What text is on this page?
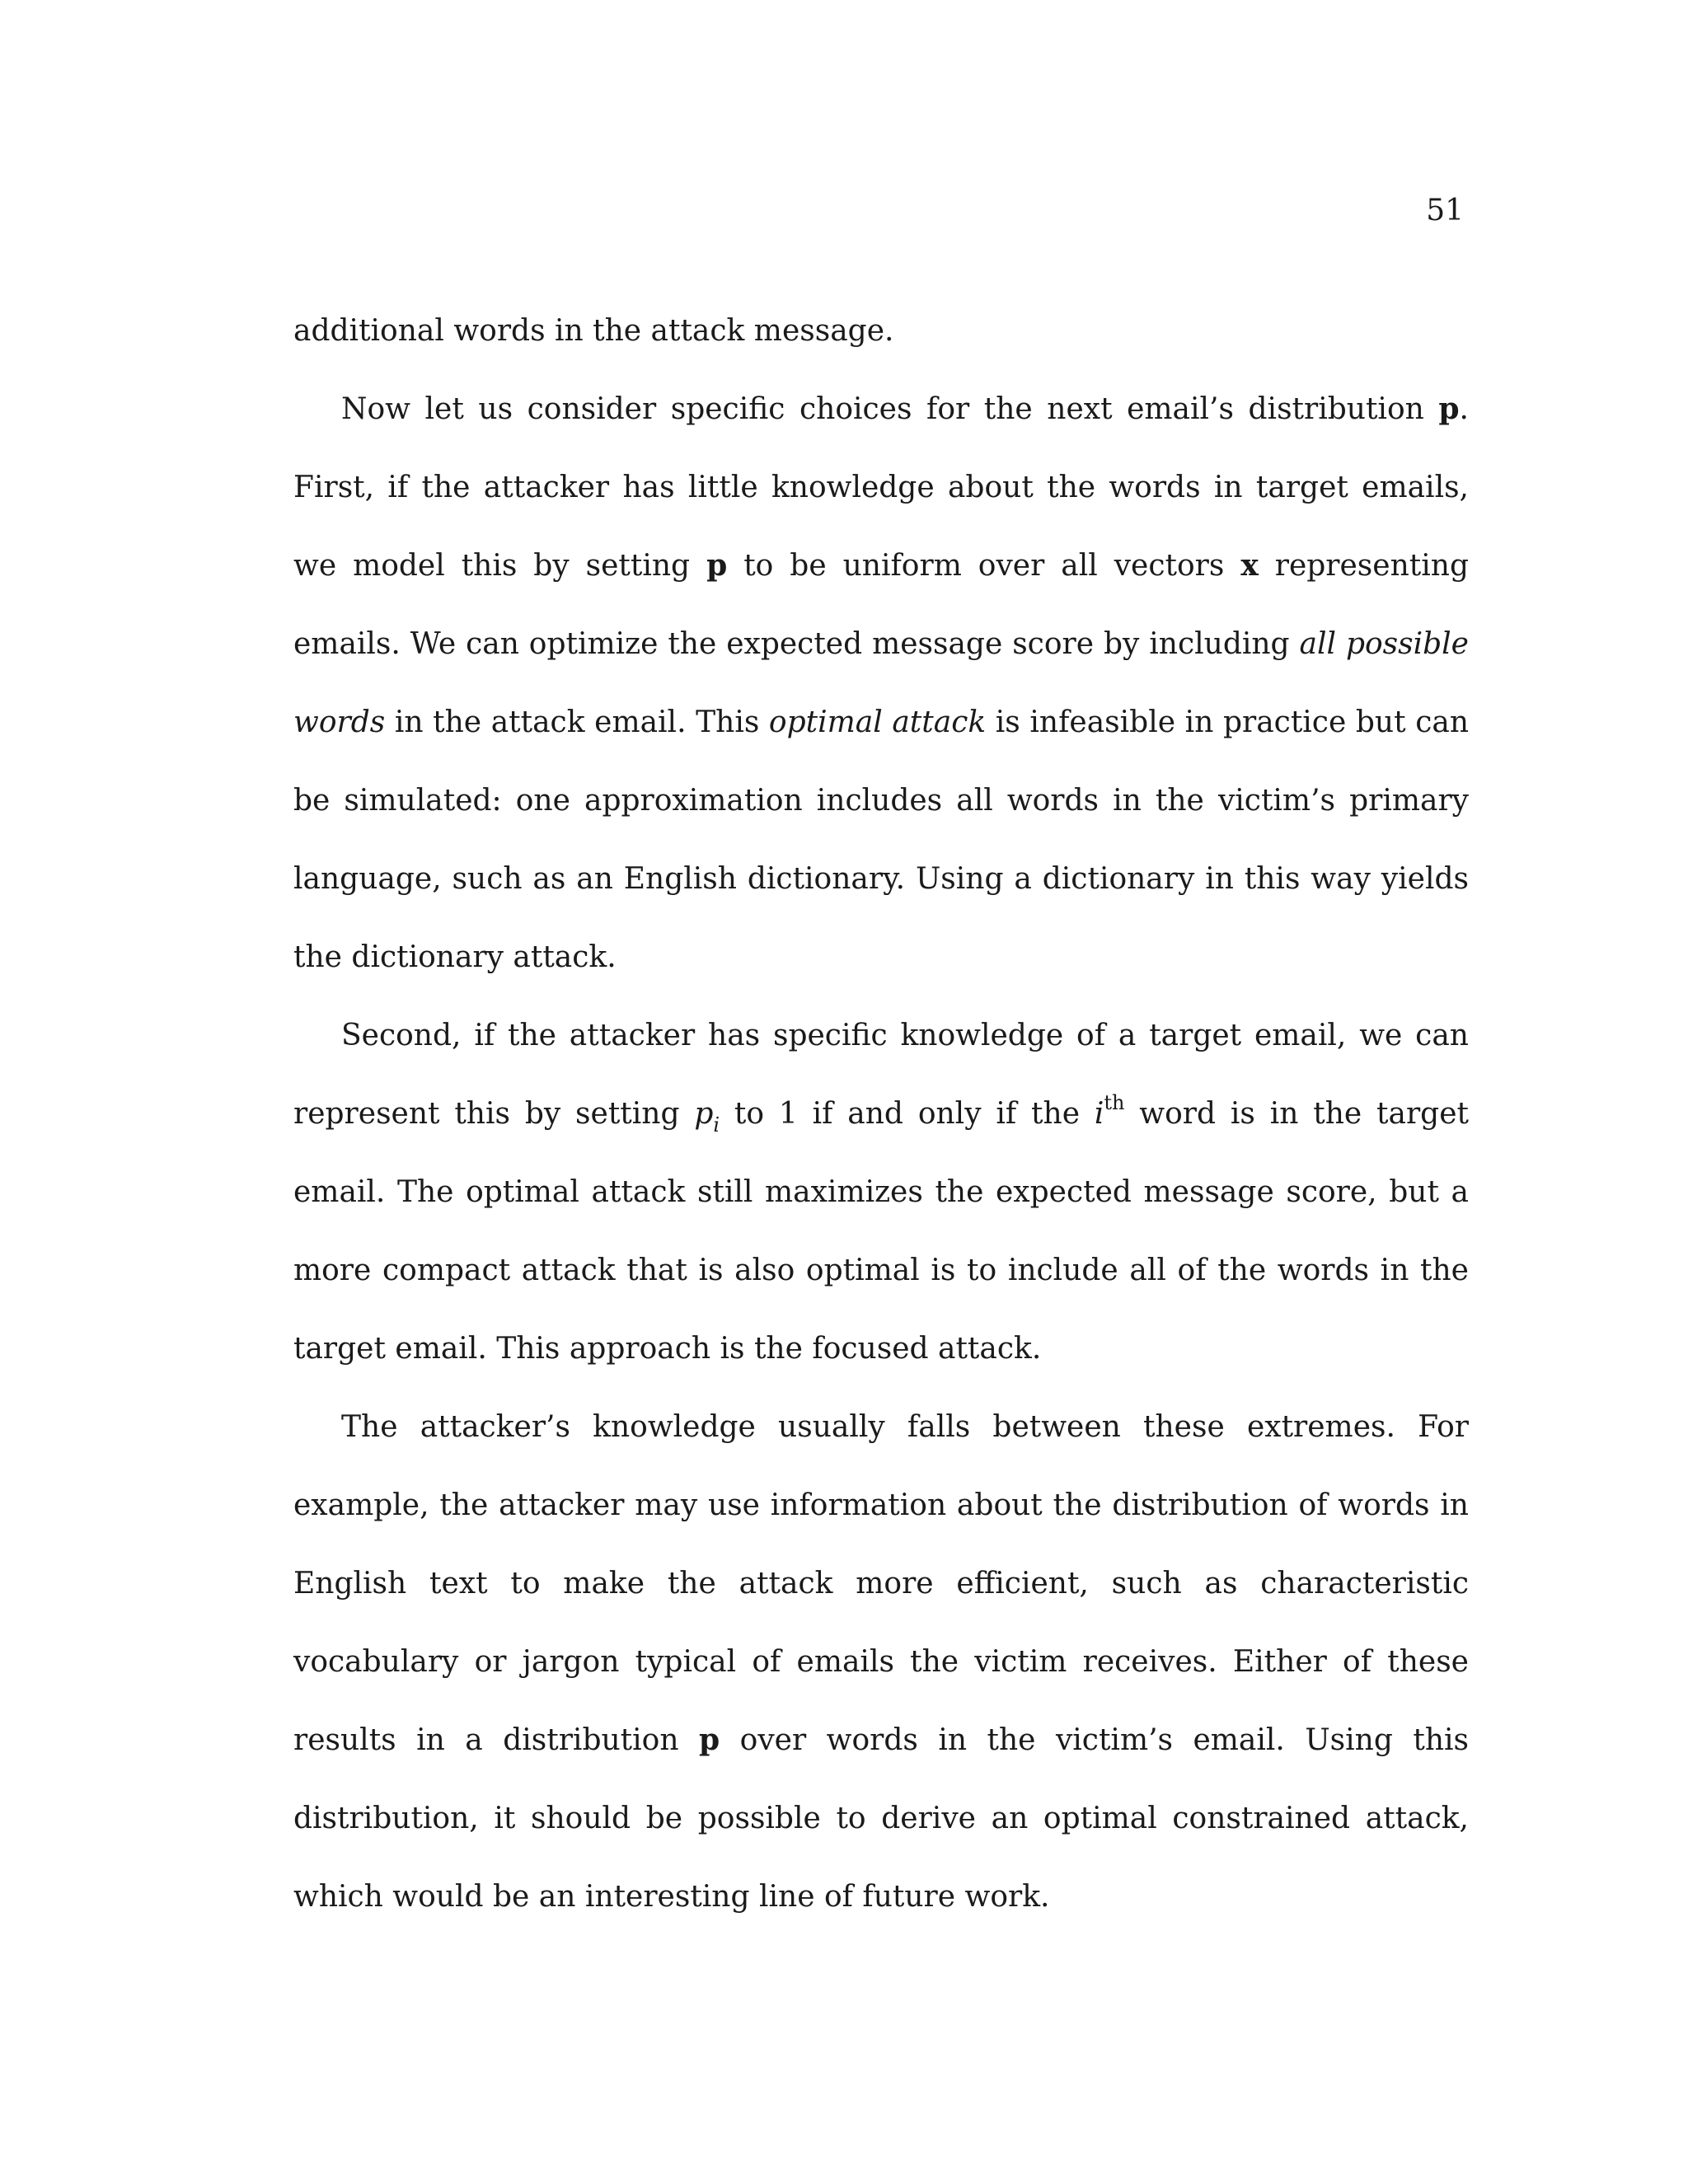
51

additional words in the attack message.

Now let us consider specific choices for the next email’s distribution p. First, if the attacker has little knowledge about the words in target emails, we model this by setting p to be uniform over all vectors x representing emails. We can optimize the expected message score by including all possible words in the attack email. This optimal attack is infeasible in practice but can be simulated: one approximation includes all words in the victim’s primary language, such as an English dictionary. Using a dictionary in this way yields the dictionary attack.

Second, if the attacker has specific knowledge of a target email, we can represent this by setting $p_i$ to 1 if and only if the $i^{th}$ word is in the target email. The optimal attack still maximizes the expected message score, but a more compact attack that is also optimal is to include all of the words in the target email. This approach is the focused attack.

The attacker’s knowledge usually falls between these extremes. For example, the attacker may use information about the distribution of words in English text to make the attack more efficient, such as characteristic vocabulary or jargon typical of emails the victim receives. Either of these results in a distribution p over words in the victim’s email. Using this distribution, it should be possible to derive an optimal constrained attack, which would be an interesting line of future work.
